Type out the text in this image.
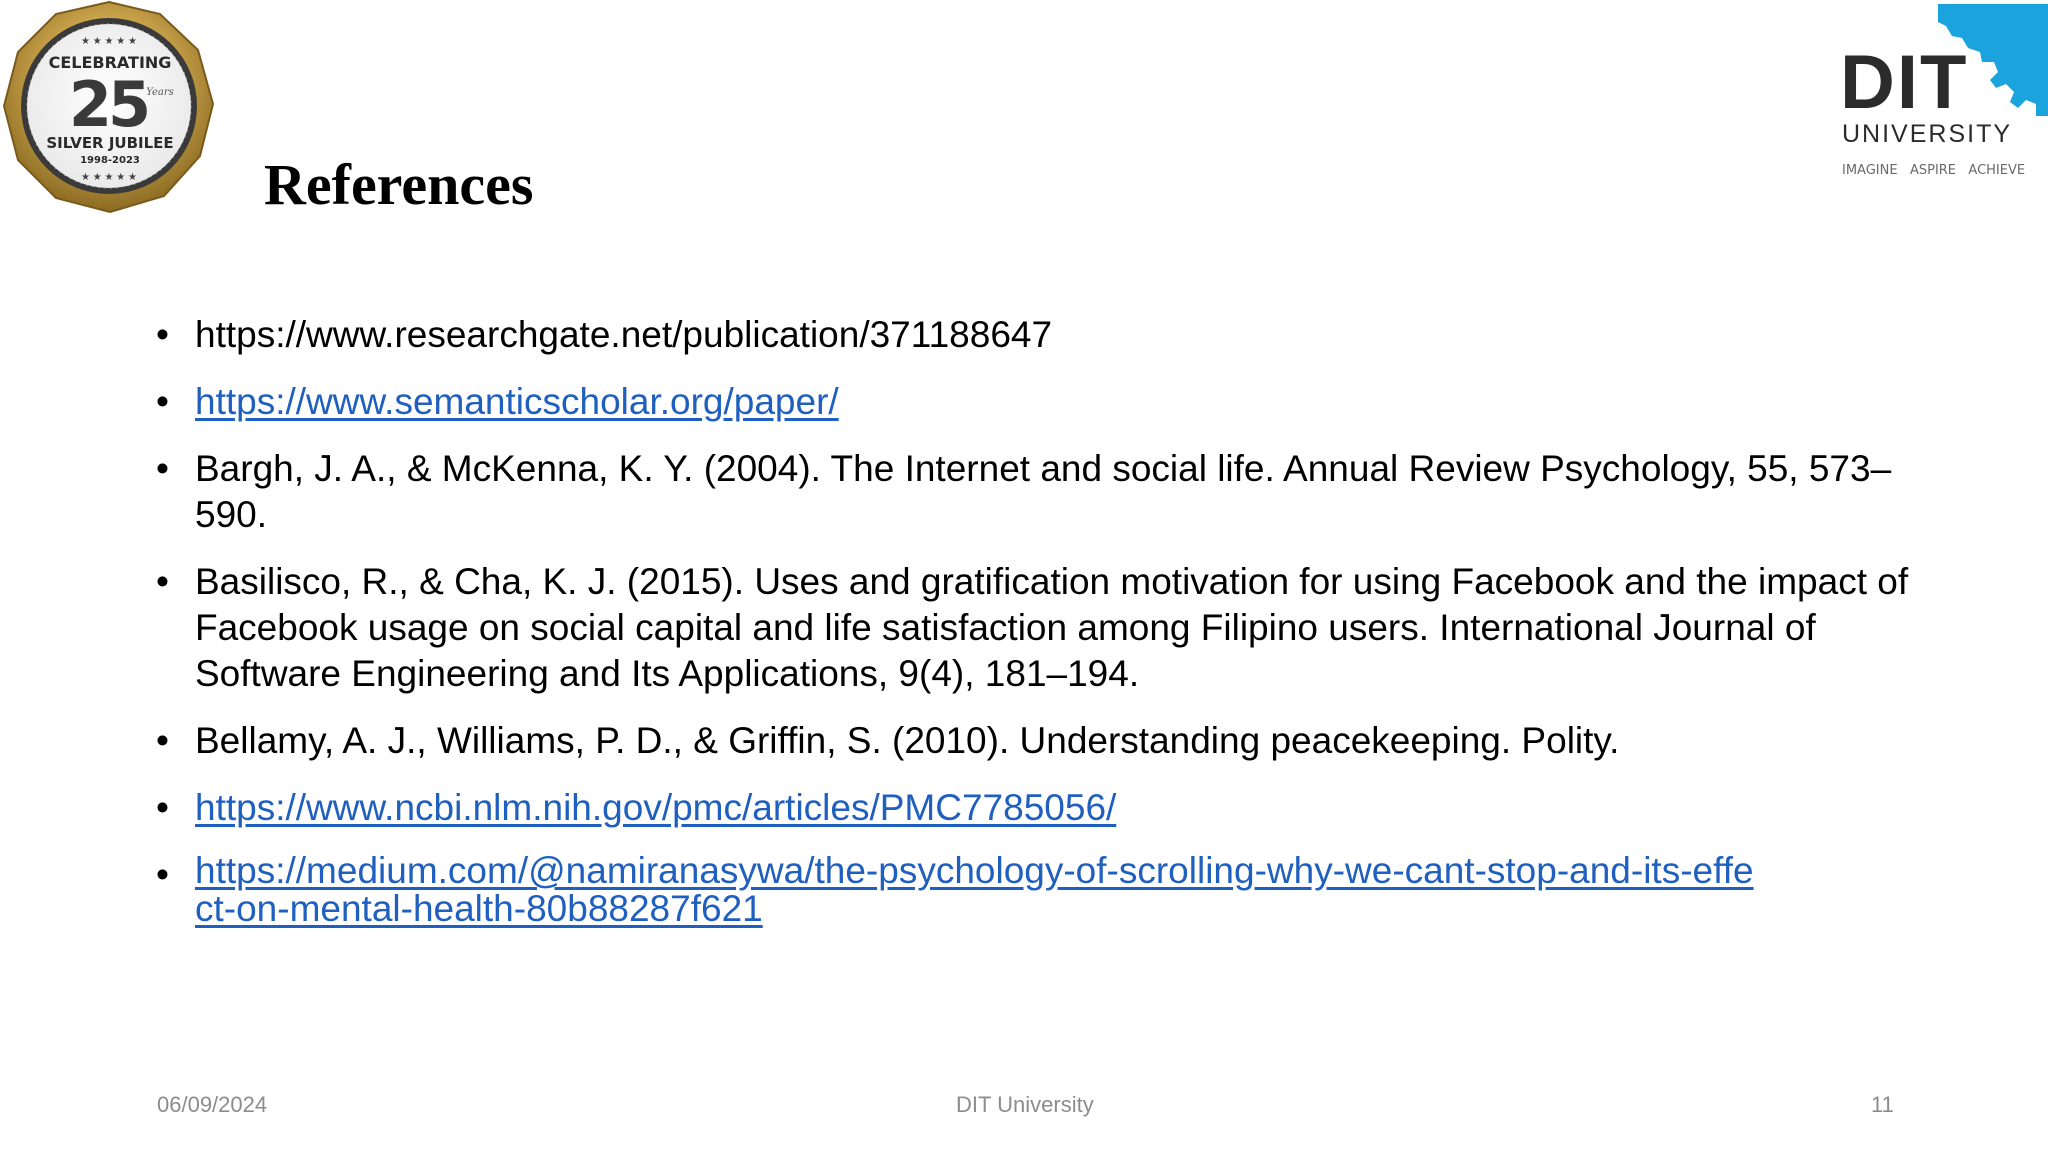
★ ★ ★ ★ ★
★ ★ ★ ★ ★
CELEBRATING
25 Years
SILVER JUBILEE
1998-2023
DIT
UNIVERSITY
IMAGINE   ASPIRE   ACHIEVE
References
• https://www.researchgate.net/publication/371188647
• https://www.semanticscholar.org/paper/
• Bargh, J. A., & McKenna, K. Y. (2004). The Internet and social life. Annual Review Psychology, 55, 573–590.
• Basilisco, R., & Cha, K. J. (2015). Uses and gratification motivation for using Facebook and the impact of Facebook usage on social capital and life satisfaction among Filipino users. International Journal of Software Engineering and Its Applications, 9(4), 181–194.
• Bellamy, A. J., Williams, P. D., & Griffin, S. (2010). Understanding peacekeeping. Polity.
• https://www.ncbi.nlm.nih.gov/pmc/articles/PMC7785056/
• https://medium.com/@namiranasywa/the-psychology-of-scrolling-why-we-cant-stop-and-its-effe
ct-on-mental-health-80b88287f621
06/09/2024	DIT University	11
